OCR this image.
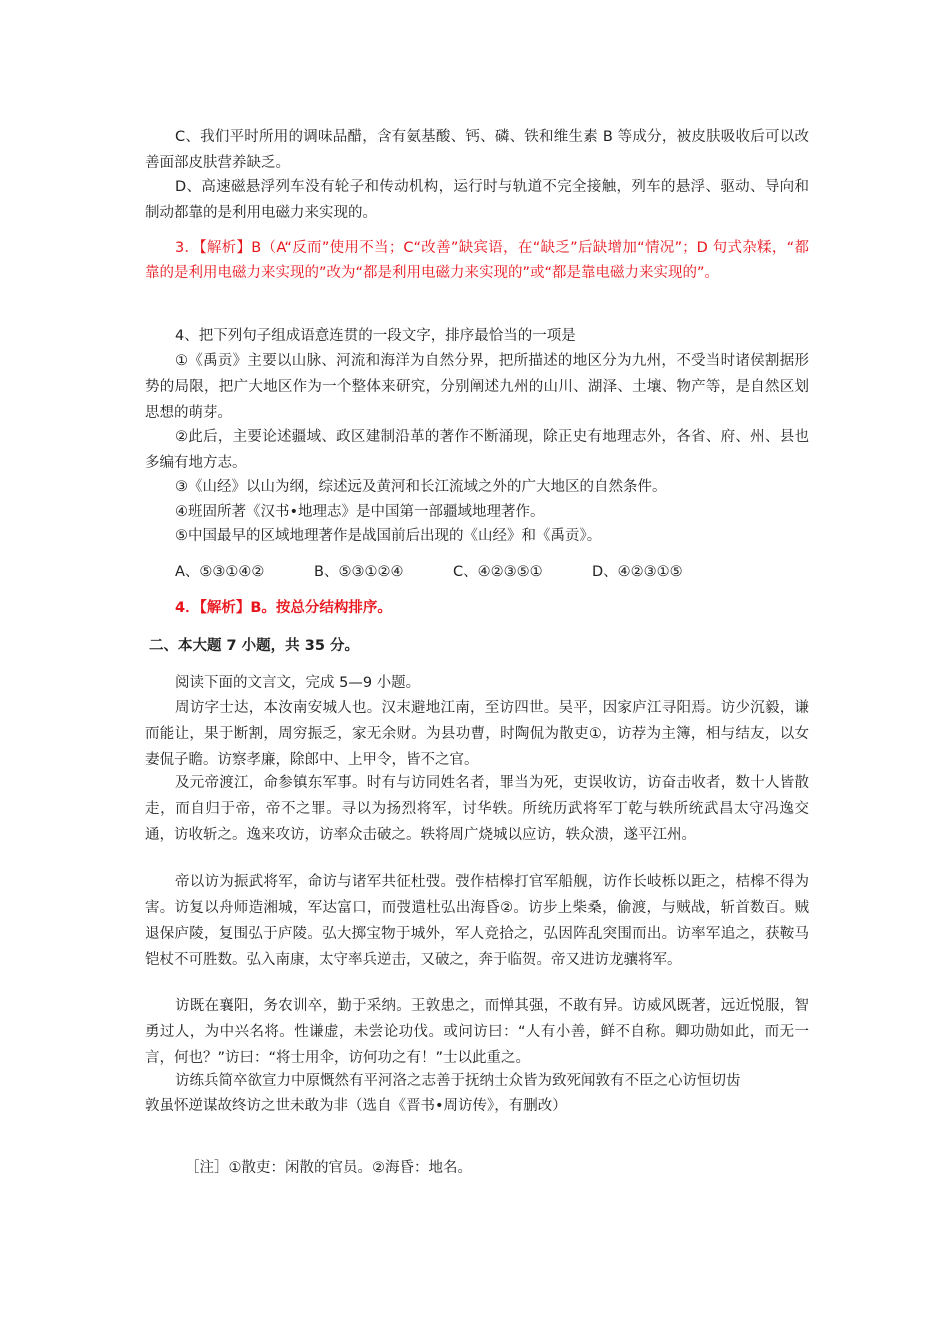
C、我们平时所用的调味品醋，含有氨基酸、钙、磷、铁和维生素 B 等成分，被皮肤吸收后可以改善面部皮肤营养缺乏。
D、高速磁悬浮列车没有轮子和传动机构，运行时与轨道不完全接触，列车的悬浮、驱动、导向和制动都靠的是利用电磁力来实现的。
3．【解析】B（A“反而”使用不当；C“改善”缺宾语，在“缺乏”后缺增加“情况”；D 句式杂糅，“都靠的是利用电磁力来实现的”改为“都是利用电磁力来实现的”或“都是靠电磁力来实现的”。
4、把下列句子组成语意连贯的一段文字，排序最恰当的一项是
①《禹贡》主要以山脉、河流和海洋为自然分界，把所描述的地区分为九州，不受当时诸侯割据形势的局限，把广大地区作为一个整体来研究，分别阐述九州的山川、湖泽、土壤、物产等，是自然区划思想的萌芽。
②此后，主要论述疆域、政区建制沿革的著作不断涌现，除正史有地理志外，各省、府、州、县也多编有地方志。
③《山经》以山为纲，综述远及黄河和长江流域之外的广大地区的自然条件。
④班固所著《汉书•地理志》是中国第一部疆域地理著作。
⑤中国最早的区域地理著作是战国前后出现的《山经》和《禹贡》。
A、⑤③①④②	B、⑤③①②④	C、④②③⑤①	D、④②③①⑤
4．【解析】B。按总分结构排序。
二、本大题 7 小题，共 35 分。
阅读下面的文言文，完成 5—9 小题。
周访字士达，本汝南安城人也。汉末避地江南，至访四世。吴平，因家庐江寻阳焉。访少沉毅，谦而能让，果于断割，周穷振乏，家无余财。为县功曹，时陶侃为散吏①，访荐为主簿，相与结友，以女妻侃子瞻。访察孝廉，除郎中、上甲令，皆不之官。
及元帝渡江，命参镇东军事。时有与访同姓名者，罪当为死，吏误收访，访奋击收者，数十人皆散走，而自归于帝，帝不之罪。寻以为扬烈将军，讨华轶。所统历武将军丁乾与轶所统武昌太守冯逸交通，访收斩之。逸来攻访，访率众击破之。轶将周广烧城以应访，轶众溃，遂平江州。
帝以访为振武将军，命访与诸军共征杜弢。弢作桔槔打官军船舰，访作长岐栎以距之，桔槔不得为害。访复以舟师造湘城，军达富口，而弢遣杜弘出海昏②。访步上柴桑，偷渡，与贼战，斩首数百。贼退保庐陵，复围弘于庐陵。弘大掷宝物于城外，军人竞拾之，弘因阵乱突围而出。访率军追之，获鞍马铠杖不可胜数。弘入南康，太守率兵逆击，又破之，奔于临贺。帝又进访龙骧将军。
访既在襄阳，务农训卒，勤于采纳。王敦患之，而惮其强，不敢有异。访威风既著，远近悦服，智勇过人，为中兴名将。性谦虚，未尝论功伐。或问访曰：“人有小善，鲜不自称。卿功勋如此，而无一言，何也？”访曰：“将士用伞，访何功之有！”士以此重之。
访练兵简卒欲宣力中原慨然有平河洛之志善于抚纳士众皆为致死闻敦有不臣之心访恒切齿
敦虽怀逆谋故终访之世未敢为非（选自《晋书•周访传》，有删改）
［注］①散吏：闲散的官员。②海昏：地名。
